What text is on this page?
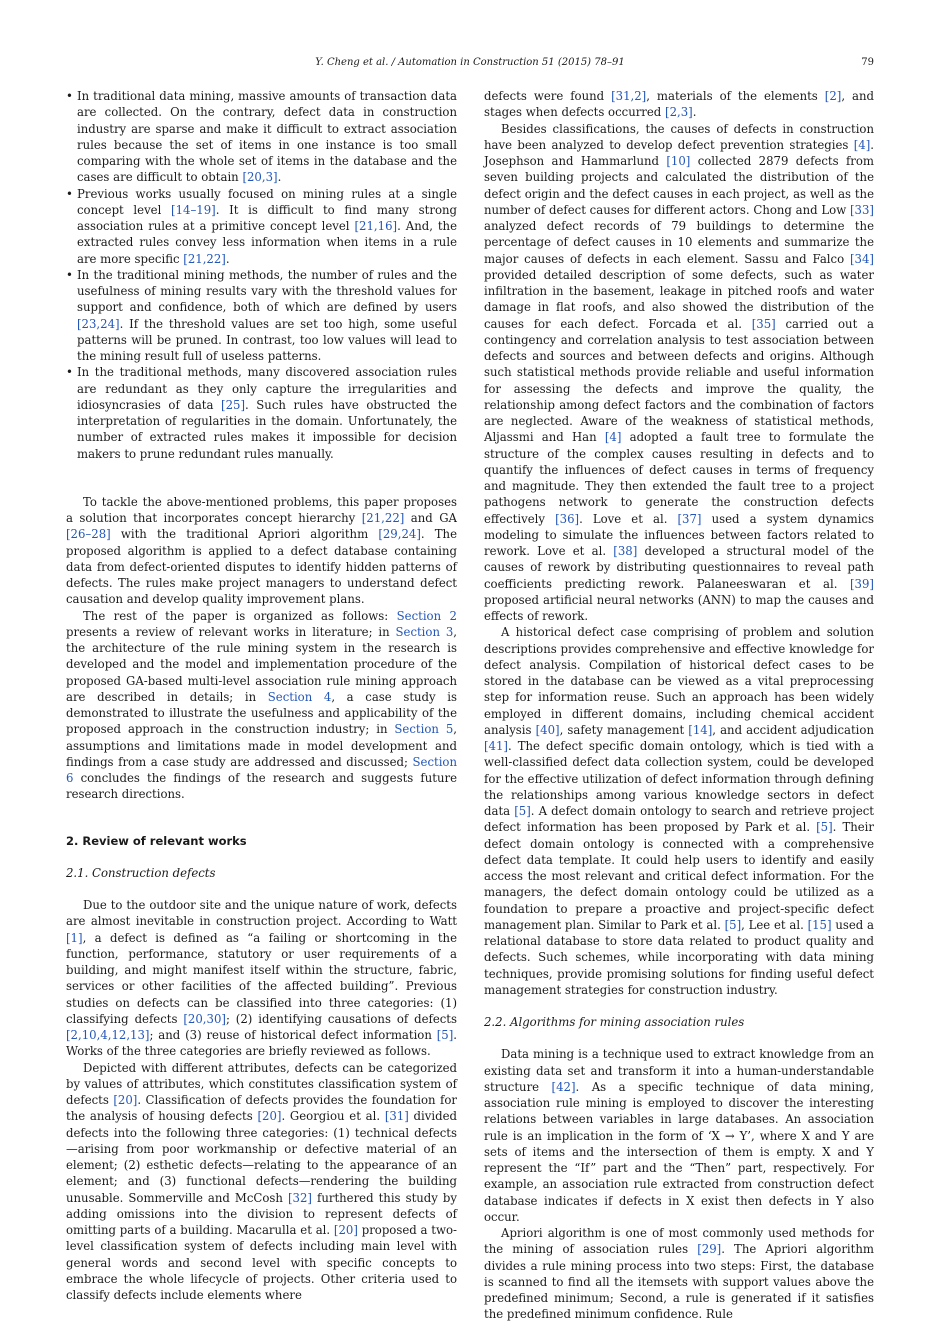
Y. Cheng et al. / Automation in Construction 51 (2015) 78–91	79
• In traditional data mining, massive amounts of transaction data are collected. On the contrary, defect data in construction industry are sparse and make it difficult to extract association rules because the set of items in one instance is too small comparing with the whole set of items in the database and the cases are difficult to obtain [20,3].
• Previous works usually focused on mining rules at a single concept level [14–19]. It is difficult to find many strong association rules at a primitive concept level [21,16]. And, the extracted rules convey less information when items in a rule are more specific [21,22].
• In the traditional mining methods, the number of rules and the usefulness of mining results vary with the threshold values for support and confidence, both of which are defined by users [23,24]. If the threshold values are set too high, some useful patterns will be pruned. In contrast, too low values will lead to the mining result full of useless patterns.
• In the traditional methods, many discovered association rules are redundant as they only capture the irregularities and idiosyncrasies of data [25]. Such rules have obstructed the interpretation of regularities in the domain. Unfortunately, the number of extracted rules makes it impossible for decision makers to prune redundant rules manually.

To tackle the above-mentioned problems, this paper proposes a solution that incorporates concept hierarchy [21,22] and GA [26–28] with the traditional Apriori algorithm [29,24]. The proposed algorithm is applied to a defect database containing data from defect-oriented disputes to identify hidden patterns of defects. The rules make project managers to understand defect causation and develop quality improvement plans.

The rest of the paper is organized as follows: Section 2 presents a review of relevant works in literature; in Section 3, the architecture of the rule mining system in the research is developed and the model and implementation procedure of the proposed GA-based multi-level association rule mining approach are described in details; in Section 4, a case study is demonstrated to illustrate the usefulness and applicability of the proposed approach in the construction industry; in Section 5, assumptions and limitations made in model development and findings from a case study are addressed and discussed; Section 6 concludes the findings of the research and suggests future research directions.

2. Review of relevant works

2.1. Construction defects

Due to the outdoor site and the unique nature of work, defects are almost inevitable in construction project. According to Watt [1], a defect is defined as “a failing or shortcoming in the function, performance, statutory or user requirements of a building, and might manifest itself within the structure, fabric, services or other facilities of the affected building”. Previous studies on defects can be classified into three categories: (1) classifying defects [20,30]; (2) identifying causations of defects [2,10,4,12,13]; and (3) reuse of historical defect information [5]. Works of the three categories are briefly reviewed as follows.

Depicted with different attributes, defects can be categorized by values of attributes, which constitutes classification system of defects [20]. Classification of defects provides the foundation for the analysis of housing defects [20]. Georgiou et al. [31] divided defects into the following three categories: (1) technical defects—arising from poor workmanship or defective material of an element; (2) esthetic defects—relating to the appearance of an element; and (3) functional defects—rendering the building unusable. Sommerville and McCosh [32] furthered this study by adding omissions into the division to represent defects of omitting parts of a building. Macarulla et al. [20] proposed a two-level classification system of defects including main level with general words and second level with specific concepts to embrace the whole lifecycle of projects. Other criteria used to classify defects include elements where

defects were found [31,2], materials of the elements [2], and stages when defects occurred [2,3].

Besides classifications, the causes of defects in construction have been analyzed to develop defect prevention strategies [4]. Josephson and Hammarlund [10] collected 2879 defects from seven building projects and calculated the distribution of the defect origin and the defect causes in each project, as well as the number of defect causes for different actors. Chong and Low [33] analyzed defect records of 79 buildings to determine the percentage of defect causes in 10 elements and summarize the major causes of defects in each element. Sassu and Falco [34] provided detailed description of some defects, such as water infiltration in the basement, leakage in pitched roofs and water damage in flat roofs, and also showed the distribution of the causes for each defect. Forcada et al. [35] carried out a contingency and correlation analysis to test association between defects and sources and between defects and origins. Although such statistical methods provide reliable and useful information for assessing the defects and improve the quality, the relationship among defect factors and the combination of factors are neglected. Aware of the weakness of statistical methods, Aljassmi and Han [4] adopted a fault tree to formulate the structure of the complex causes resulting in defects and to quantify the influences of defect causes in terms of frequency and magnitude. They then extended the fault tree to a project pathogens network to generate the construction defects effectively [36]. Love et al. [37] used a system dynamics modeling to simulate the influences between factors related to rework. Love et al. [38] developed a structural model of the causes of rework by distributing questionnaires to reveal path coefficients predicting rework. Palaneeswaran et al. [39] proposed artificial neural networks (ANN) to map the causes and effects of rework.

A historical defect case comprising of problem and solution descriptions provides comprehensive and effective knowledge for defect analysis. Compilation of historical defect cases to be stored in the database can be viewed as a vital preprocessing step for information reuse. Such an approach has been widely employed in different domains, including chemical accident analysis [40], safety management [14], and accident adjudication [41]. The defect specific domain ontology, which is tied with a well-classified defect data collection system, could be developed for the effective utilization of defect information through defining the relationships among various knowledge sectors in defect data [5]. A defect domain ontology to search and retrieve project defect information has been proposed by Park et al. [5]. Their defect domain ontology is connected with a comprehensive defect data template. It could help users to identify and easily access the most relevant and critical defect information. For the managers, the defect domain ontology could be utilized as a foundation to prepare a proactive and project-specific defect management plan. Similar to Park et al. [5], Lee et al. [15] used a relational database to store data related to product quality and defects. Such schemes, while incorporating with data mining techniques, provide promising solutions for finding useful defect management strategies for construction industry.

2.2. Algorithms for mining association rules

Data mining is a technique used to extract knowledge from an existing data set and transform it into a human-understandable structure [42]. As a specific technique of data mining, association rule mining is employed to discover the interesting relations between variables in large databases. An association rule is an implication in the form of ‘X → Y’, where X and Y are sets of items and the intersection of them is empty. X and Y represent the “If” part and the “Then” part, respectively. For example, an association rule extracted from construction defect database indicates if defects in X exist then defects in Y also occur.

Apriori algorithm is one of most commonly used methods for the mining of association rules [29]. The Apriori algorithm divides a rule mining process into two steps: First, the database is scanned to find all the itemsets with support values above the predefined minimum; Second, a rule is generated if it satisfies the predefined minimum confidence. Rule
